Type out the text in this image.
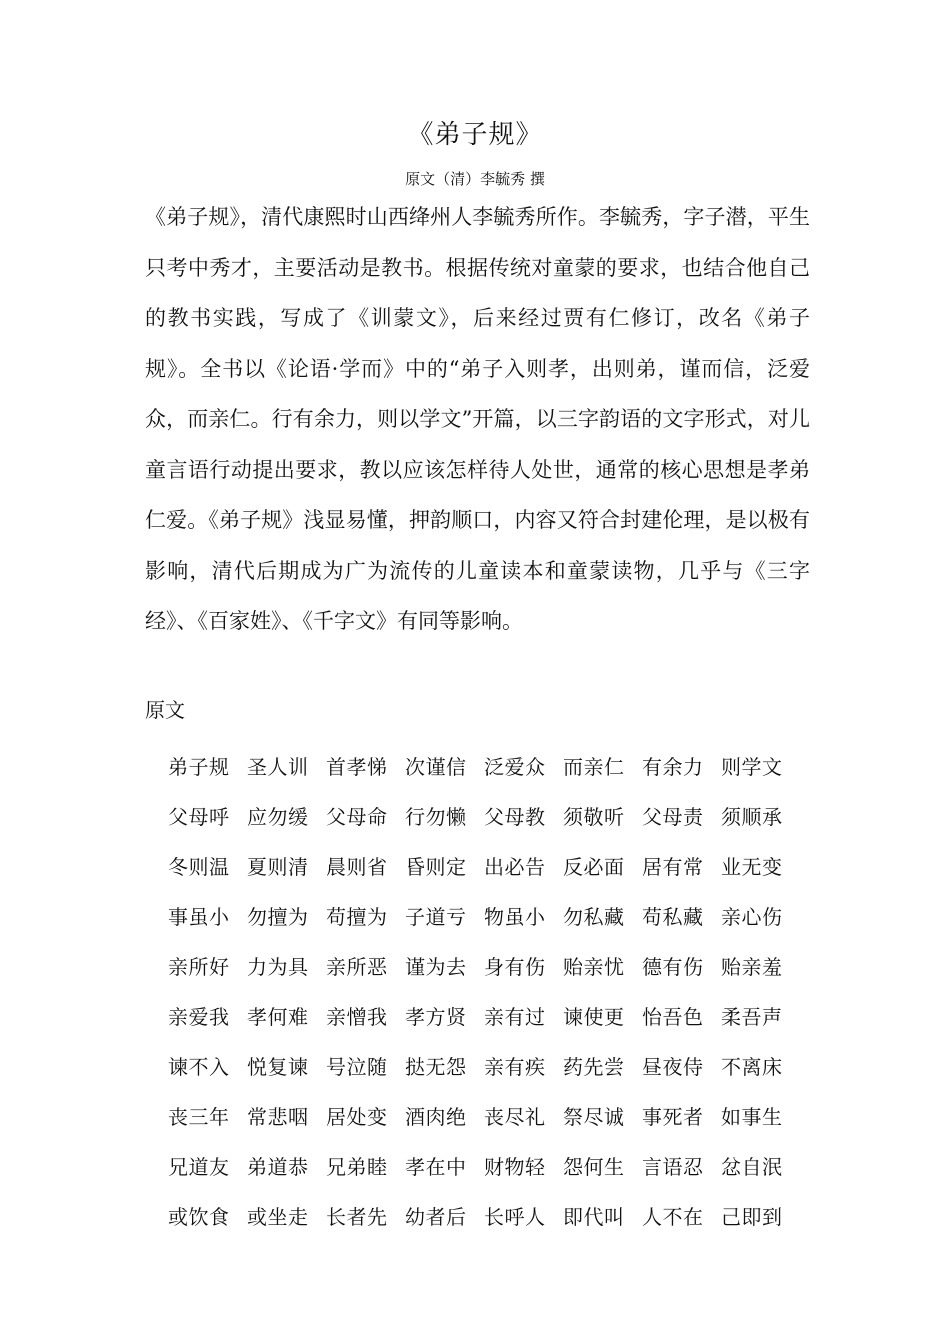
《弟子规》
原文（清）李毓秀 撰

《弟子规》，清代康熙时山西绛州人李毓秀所作。李毓秀，字子潜，平生只考中秀才，主要活动是教书。根据传统对童蒙的要求，也结合他自己的教书实践，写成了《训蒙文》，后来经过贾有仁修订，改名《弟子规》。全书以《论语·学而》中的“弟子入则孝，出则弟，谨而信，泛爱众，而亲仁。行有余力，则以学文”开篇，以三字韵语的文字形式，对儿童言语行动提出要求，教以应该怎样待人处世，通常的核心思想是孝弟仁爱。《弟子规》浅显易懂，押韵顺口，内容又符合封建伦理，是以极有影响，清代后期成为广为流传的儿童读本和童蒙读物，几乎与《三字经》、《百家姓》、《千字文》有同等影响。

原文
弟子规 圣人训 首孝悌 次谨信 泛爱众 而亲仁 有余力 则学文
父母呼 应勿缓 父母命 行勿懒 父母教 须敬听 父母责 须顺承
冬则温 夏则清 晨则省 昏则定 出必告 反必面 居有常 业无变
事虽小 勿擅为 苟擅为 子道亏 物虽小 勿私藏 苟私藏 亲心伤
亲所好 力为具 亲所恶 谨为去 身有伤 贻亲忧 德有伤 贻亲羞
亲爱我 孝何难 亲憎我 孝方贤 亲有过 谏使更 怡吾色 柔吾声
谏不入 悦复谏 号泣随 挞无怨 亲有疾 药先尝 昼夜侍 不离床
丧三年 常悲咽 居处变 酒肉绝 丧尽礼 祭尽诚 事死者 如事生
兄道友 弟道恭 兄弟睦 孝在中 财物轻 怨何生 言语忍 忿自泯
或饮食 或坐走 长者先 幼者后 长呼人 即代叫 人不在 己即到
